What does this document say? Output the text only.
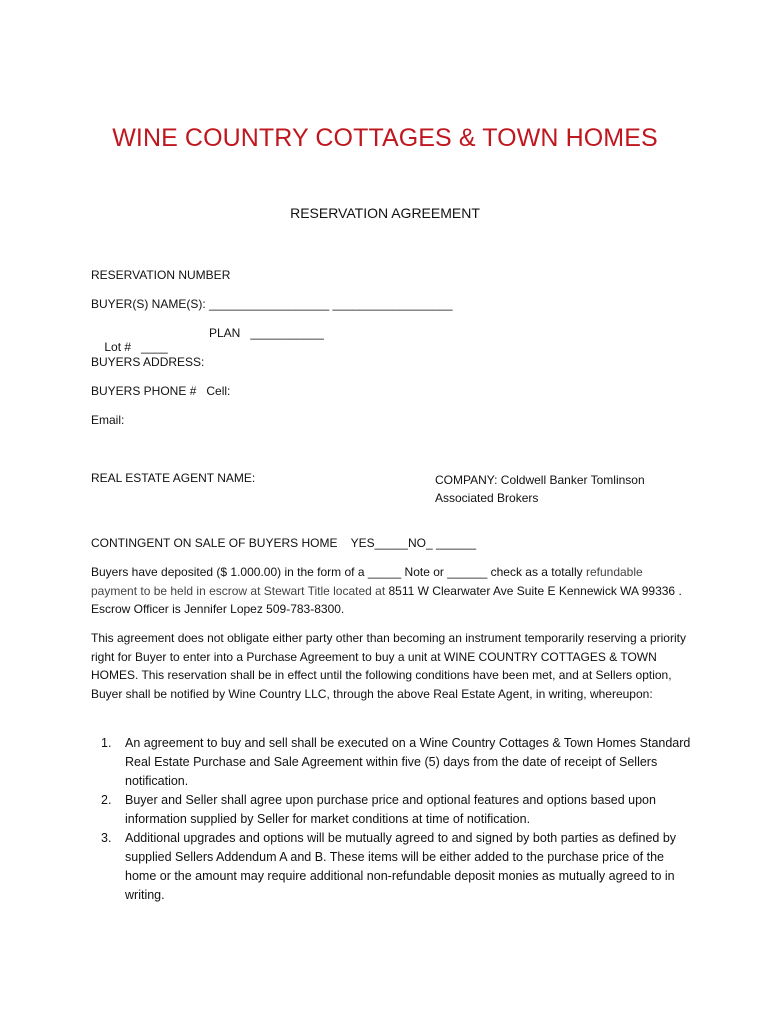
WINE COUNTRY COTTAGES & TOWN HOMES
RESERVATION AGREEMENT
RESERVATION NUMBER
BUYER(S) NAME(S): __________________ __________________

Lot #   ____

PLAN   ___________

BUYERS ADDRESS:
BUYERS PHONE #   Cell:
Email:
REAL ESTATE AGENT NAME:	COMPANY: Coldwell Banker Tomlinson
Associated Brokers
CONTINGENT ON SALE OF BUYERS HOME    YES_____NO_ ______
Buyers have deposited ($ 1.000.00) in the form of a _____ Note or ______ check as a totally refundable payment to be held in escrow at Stewart Title located at 8511 W Clearwater Ave Suite E Kennewick WA 99336 . Escrow Officer is Jennifer Lopez 509-783-8300.
This agreement does not obligate either party other than becoming an instrument temporarily reserving a priority right for Buyer to enter into a Purchase Agreement to buy a unit at WINE COUNTRY COTTAGES & TOWN HOMES. This reservation shall be in effect until the following conditions have been met, and at Sellers option, Buyer shall be notified by Wine Country LLC, through the above Real Estate Agent, in writing, whereupon:
1. An agreement to buy and sell shall be executed on a Wine Country Cottages & Town Homes Standard Real Estate Purchase and Sale Agreement within five (5) days from the date of receipt of Sellers notification.
2. Buyer and Seller shall agree upon purchase price and optional features and options based upon information supplied by Seller for market conditions at time of notification.
3. Additional upgrades and options will be mutually agreed to and signed by both parties as defined by supplied Sellers Addendum A and B. These items will be either added to the purchase price of the home or the amount may require additional non-refundable deposit monies as mutually agreed to in writing.
